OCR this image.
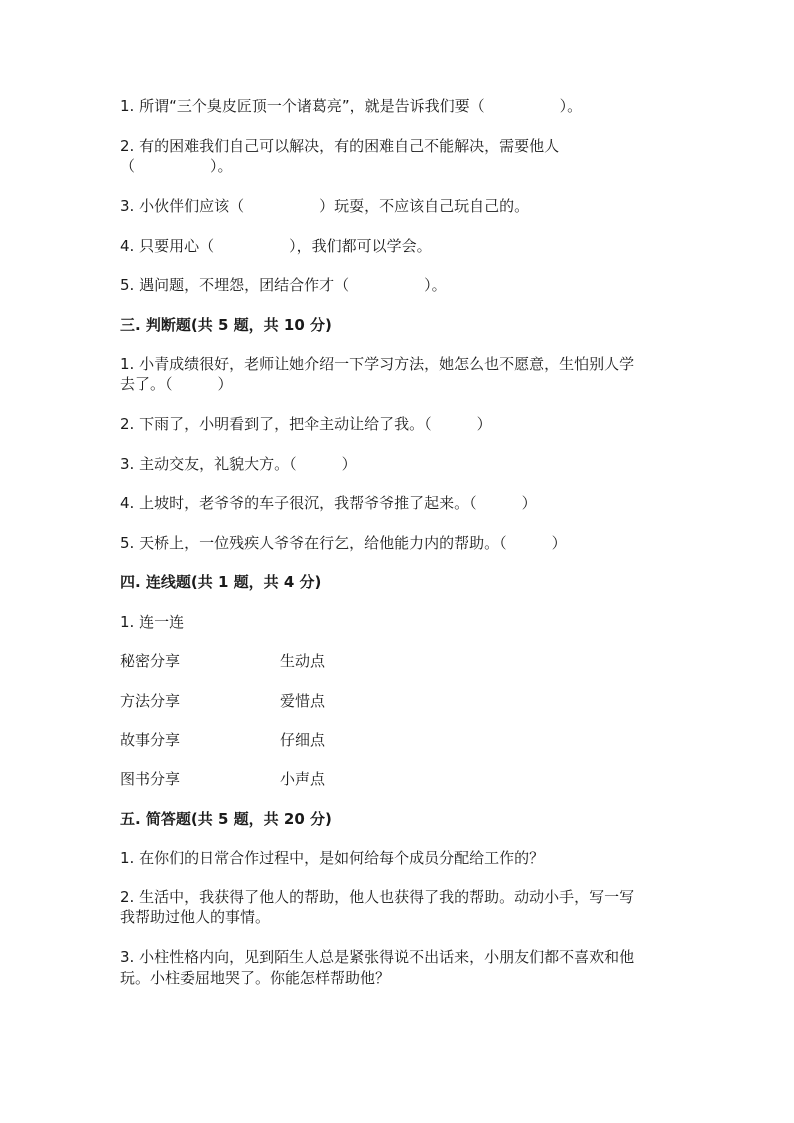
1. 所谓“三个臭皮匠顶一个诸葛亮”，就是告诉我们要（　　　　　）。
2. 有的困难我们自己可以解决，有的困难自己不能解决，需要他人
（　　　　　）。
3. 小伙伴们应该（　　　　　）玩耍，不应该自己玩自己的。
4. 只要用心（　　　　　），我们都可以学会。
5. 遇问题，不埋怨，团结合作才（　　　　　）。
三. 判断题(共 5 题，共 10 分)
1. 小青成绩很好，老师让她介绍一下学习方法，她怎么也不愿意，生怕别人学
去了。（　　　）
2. 下雨了，小明看到了，把伞主动让给了我。（　　　）
3. 主动交友，礼貌大方。（　　　）
4. 上坡时，老爷爷的车子很沉，我帮爷爷推了起来。（　　　）
5. 天桥上，一位残疾人爷爷在行乞，给他能力内的帮助。（　　　）
四. 连线题(共 1 题，共 4 分)
1. 连一连
秘密分享	生动点
方法分享	爱惜点
故事分享	仔细点
图书分享	小声点
五. 简答题(共 5 题，共 20 分)
1. 在你们的日常合作过程中，是如何给每个成员分配给工作的？
2. 生活中，我获得了他人的帮助，他人也获得了我的帮助。动动小手，写一写
我帮助过他人的事情。
3. 小柱性格内向，见到陌生人总是紧张得说不出话来，小朋友们都不喜欢和他
玩。小柱委屈地哭了。你能怎样帮助他？
